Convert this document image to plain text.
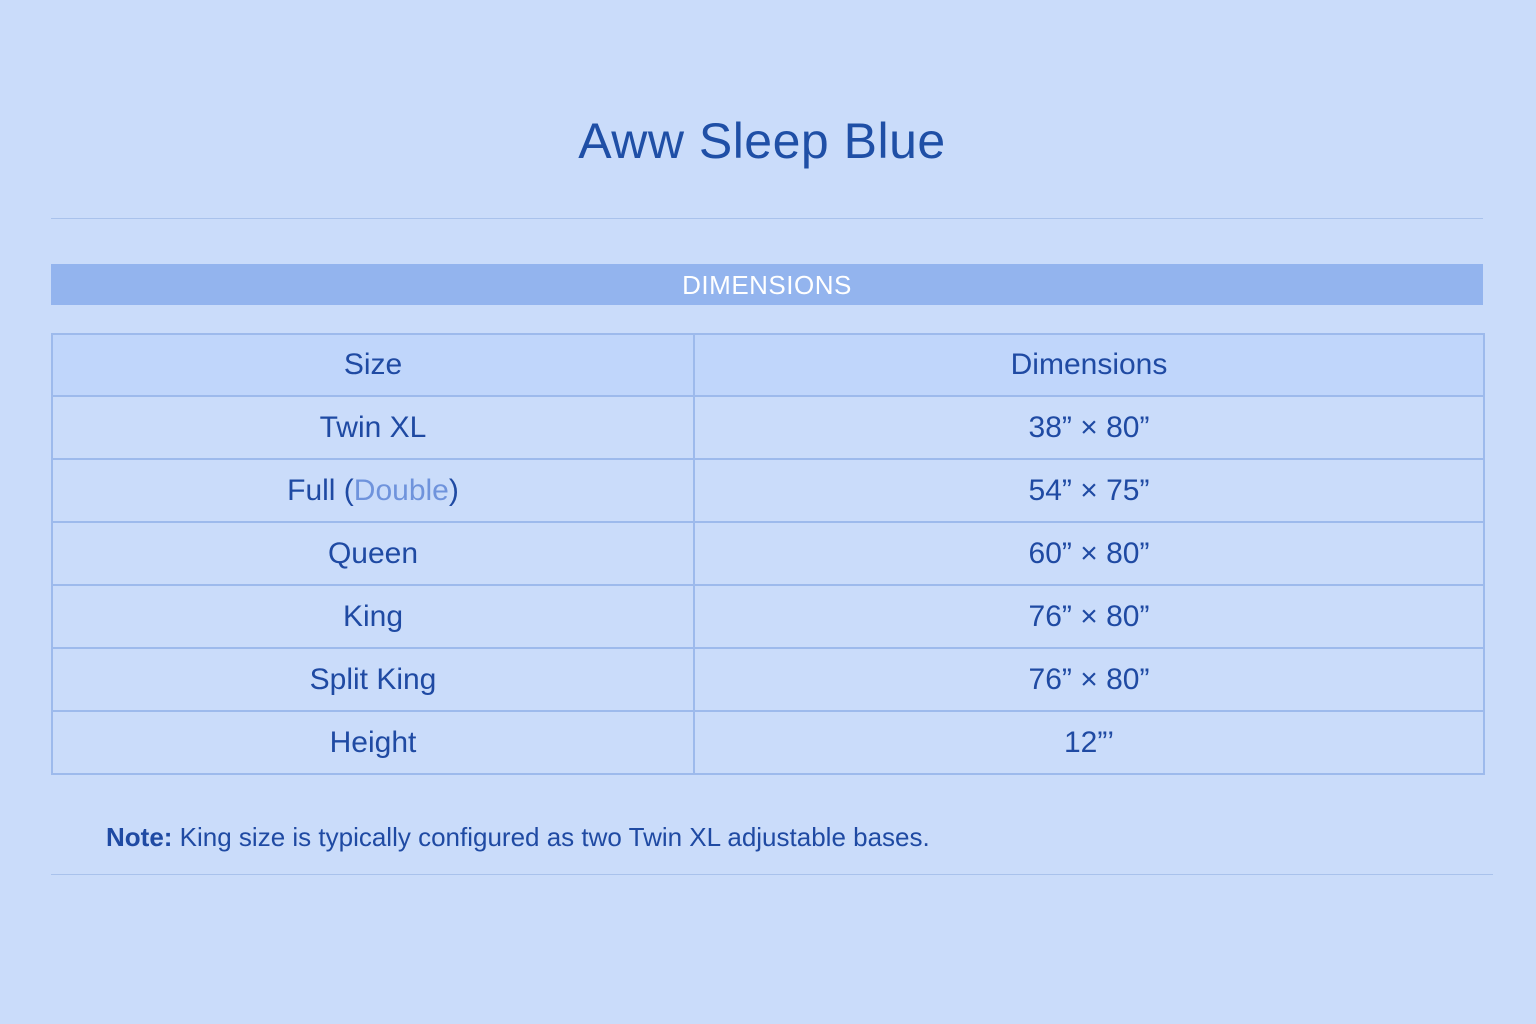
Aww Sleep Blue
DIMENSIONS
Size	Dimensions
Twin XL	38” × 80”
Full (Double)	54” × 75”
Queen	60” × 80”
King	76” × 80”
Split King	76” × 80”
Height	12”’
Note: King size is typically configured as two Twin XL adjustable bases.
